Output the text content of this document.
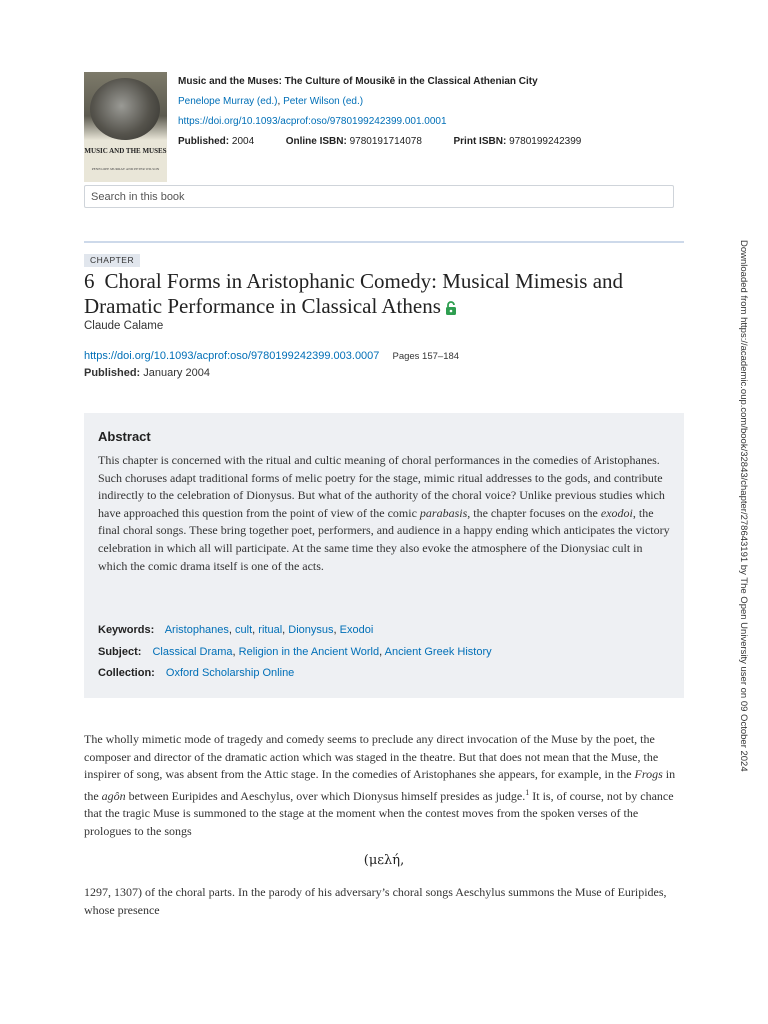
MUSIC AND THE MUSES
PENELOPE MURRAY AND PETER WILSON
Music and the Muses: The Culture of Mousikē in the Classical Athenian City
Penelope Murray (ed.), Peter Wilson (ed.)
https://doi.org/10.1093/acprof:oso/9780199242399.001.0001
Published: 2004	Online ISBN: 9780191714078	Print ISBN: 9780199242399
Search in this book
CHAPTER
6 Choral Forms in Aristophanic Comedy: Musical Mimesis and Dramatic Performance in Classical Athens
Claude Calame
https://doi.org/10.1093/acprof:oso/9780199242399.003.0007 Pages 157–184
Published: January 2004
Abstract
This chapter is concerned with the ritual and cultic meaning of choral performances in the comedies of Aristophanes. Such choruses adapt traditional forms of melic poetry for the stage, mimic ritual addresses to the gods, and contribute indirectly to the celebration of Dionysus. But what of the authority of the choral voice? Unlike previous studies which have approached this question from the point of view of the comic parabasis, the chapter focuses on the exodoi, the final choral songs. These bring together poet, performers, and audience in a happy ending which anticipates the victory celebration in which all will participate. At the same time they also evoke the atmosphere of the Dionysiac cult in which the comic drama itself is one of the acts.
Keywords: Aristophanes, cult, ritual, Dionysus, Exodoi
Subject: Classical Drama, Religion in the Ancient World, Ancient Greek History
Collection: Oxford Scholarship Online
The wholly mimetic mode of tragedy and comedy seems to preclude any direct invocation of the Muse by the poet, the composer and director of the dramatic action which was staged in the theatre. But that does not mean that the Muse, the inspirer of song, was absent from the Attic stage. In the comedies of Aristophanes she appears, for example, in the Frogs in the agôn between Euripides and Aeschylus, over which Dionysus himself presides as judge.$^1$ It is, of course, not by chance that the tragic Muse is summoned to the stage at the moment when the contest moves from the spoken verses of the prologues to the songs
(μελή,
1297, 1307) of the choral parts. In the parody of his adversary’s choral songs Aeschylus summons the Muse of Euripides, whose presence
Downloaded from https://academic.oup.com/book/32843/chapter/278643191 by The Open University user on 09 October 2024
